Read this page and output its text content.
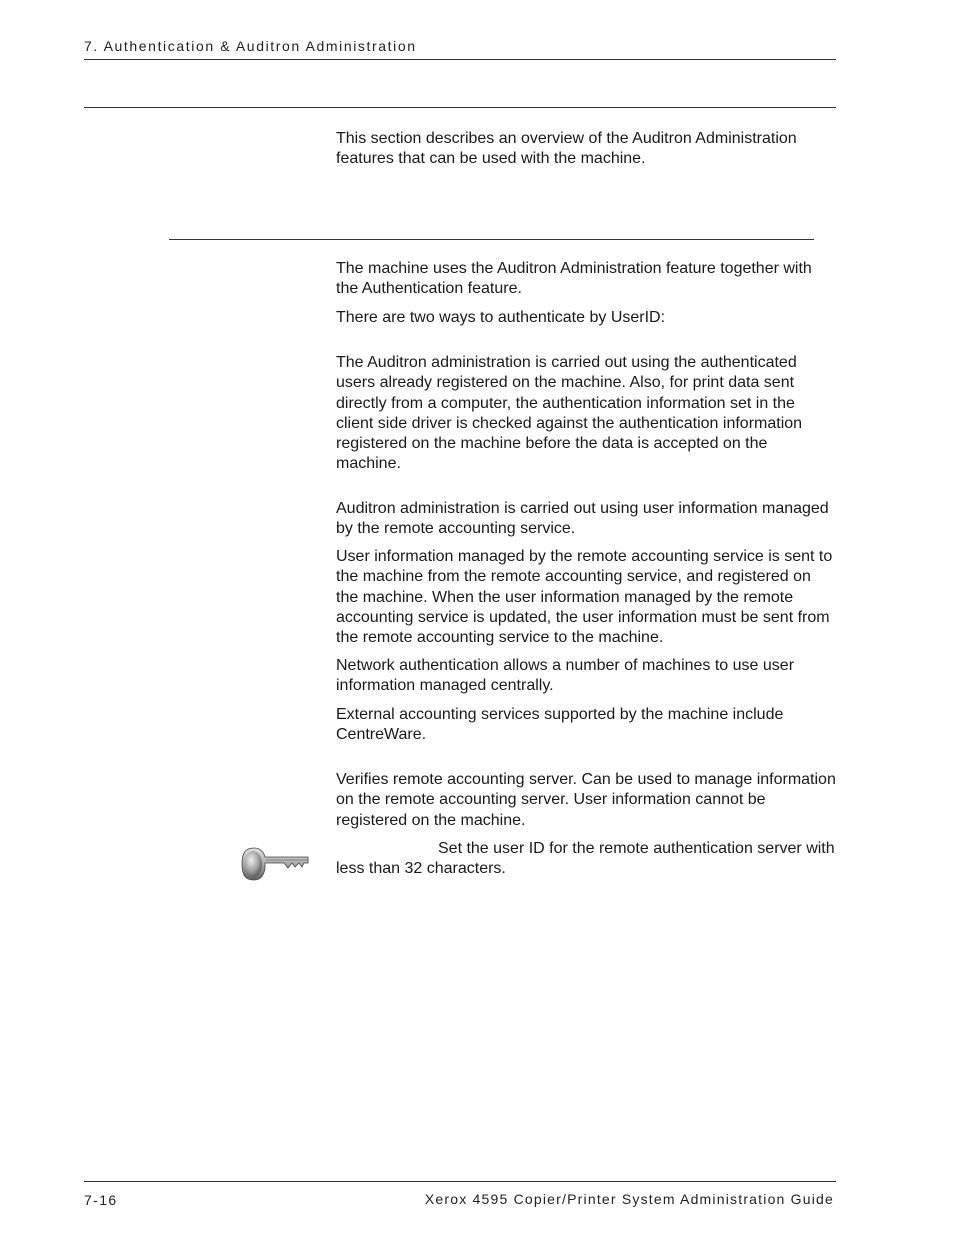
7. Authentication & Auditron Administration

This section describes an overview of the Auditron Administration features that can be used with the machine.

The machine uses the Auditron Administration feature together with the Authentication feature.

There are two ways to authenticate by UserID:

The Auditron administration is carried out using the authenticated users already registered on the machine. Also, for print data sent directly from a computer, the authentication information set in the client side driver is checked against the authentication information registered on the machine before the data is accepted on the machine.

Auditron administration is carried out using user information managed by the remote accounting service.

User information managed by the remote accounting service is sent to the machine from the remote accounting service, and registered on the machine. When the user information managed by the remote accounting service is updated, the user information must be sent from the remote accounting service to the machine.

Network authentication allows a number of machines to use user information managed centrally.

External accounting services supported by the machine include CentreWare.

Verifies remote accounting server. Can be used to manage information on the remote accounting server. User information cannot be registered on the machine.

Set the user ID for the remote authentication server with less than 32 characters.

7-16	Xerox 4595 Copier/Printer System Administration Guide
